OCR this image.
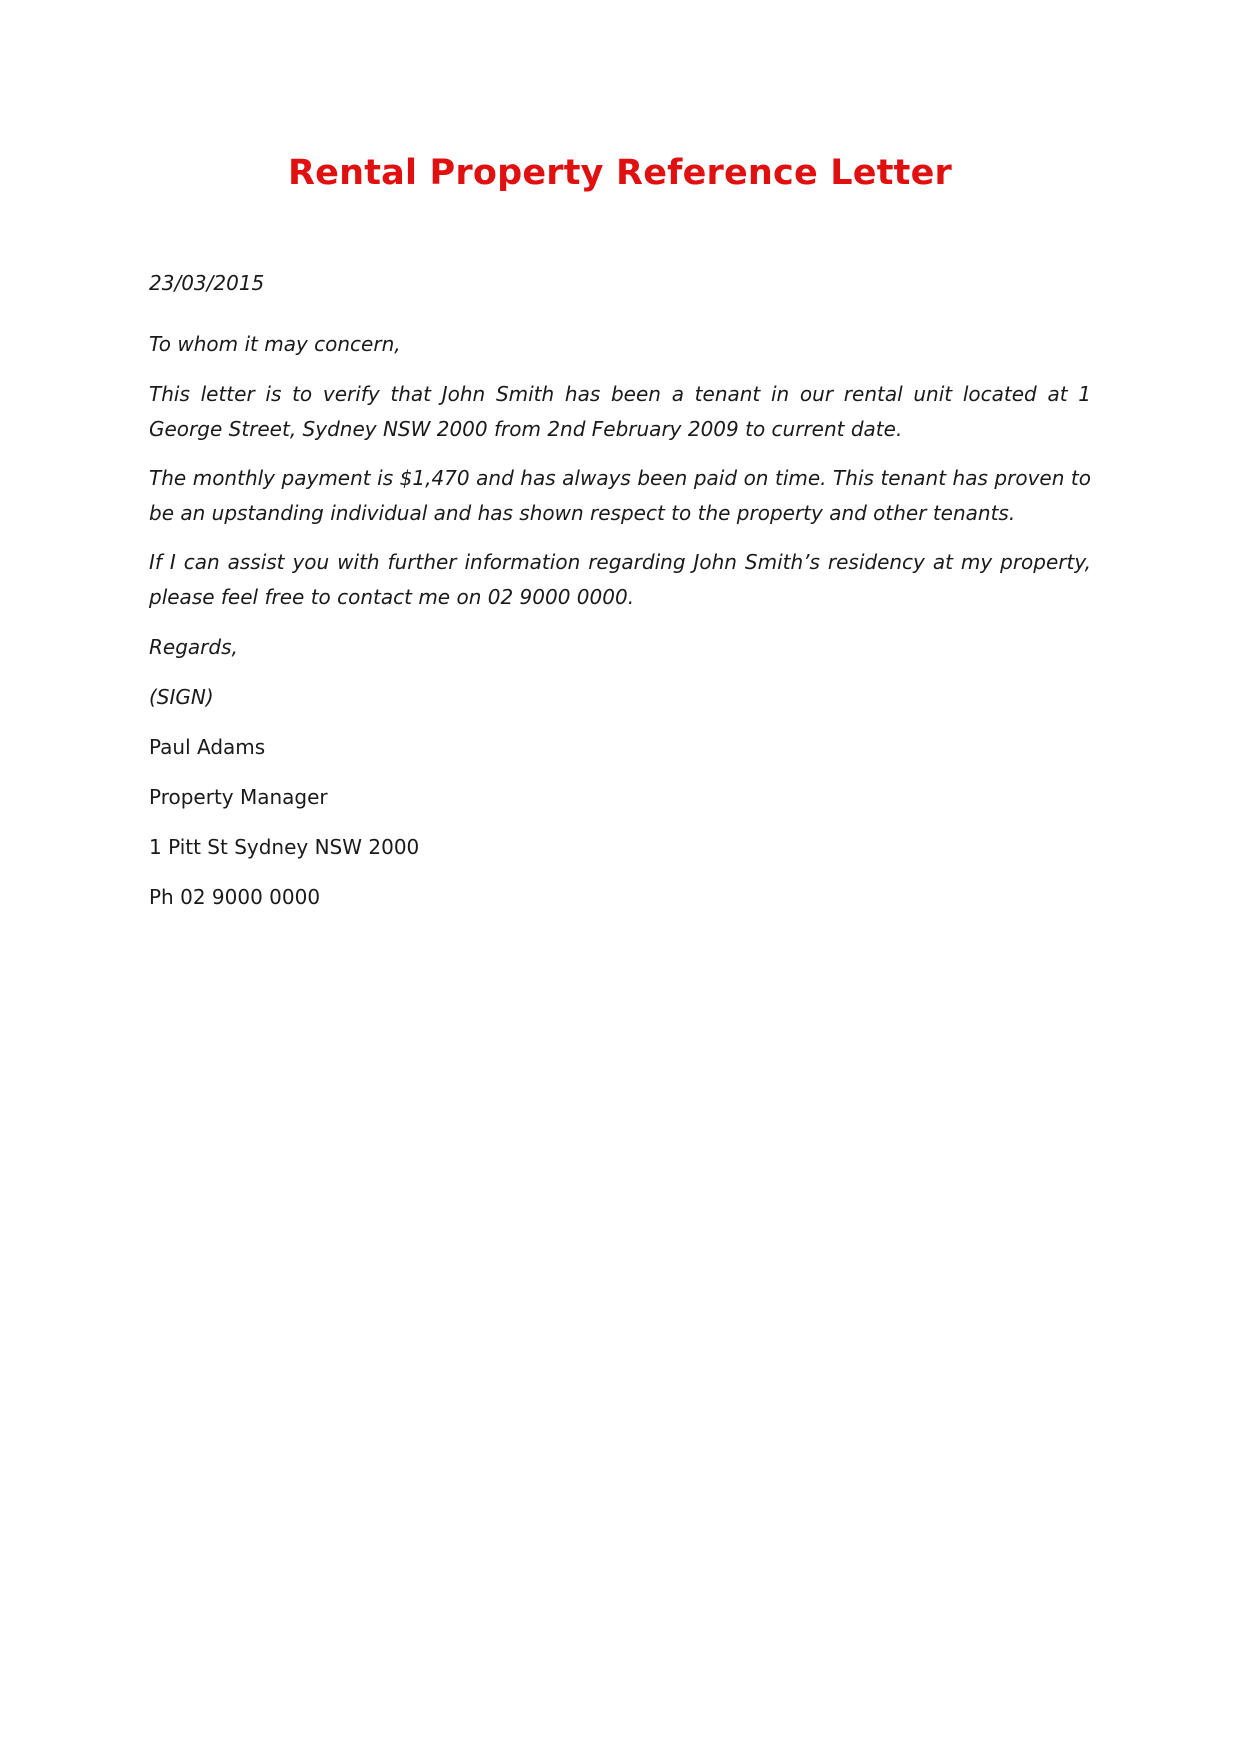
Rental Property Reference Letter

23/03/2015

To whom it may concern,

This letter is to verify that John Smith has been a tenant in our rental unit located at 1 George Street, Sydney NSW 2000 from 2nd February 2009 to current date.

The monthly payment is $1,470 and has always been paid on time. This tenant has proven to be an upstanding individual and has shown respect to the property and other tenants.

If I can assist you with further information regarding John Smith’s residency at my property, please feel free to contact me on 02 9000 0000.

Regards,

(SIGN)

Paul Adams

Property Manager

1 Pitt St Sydney NSW 2000

Ph 02 9000 0000
